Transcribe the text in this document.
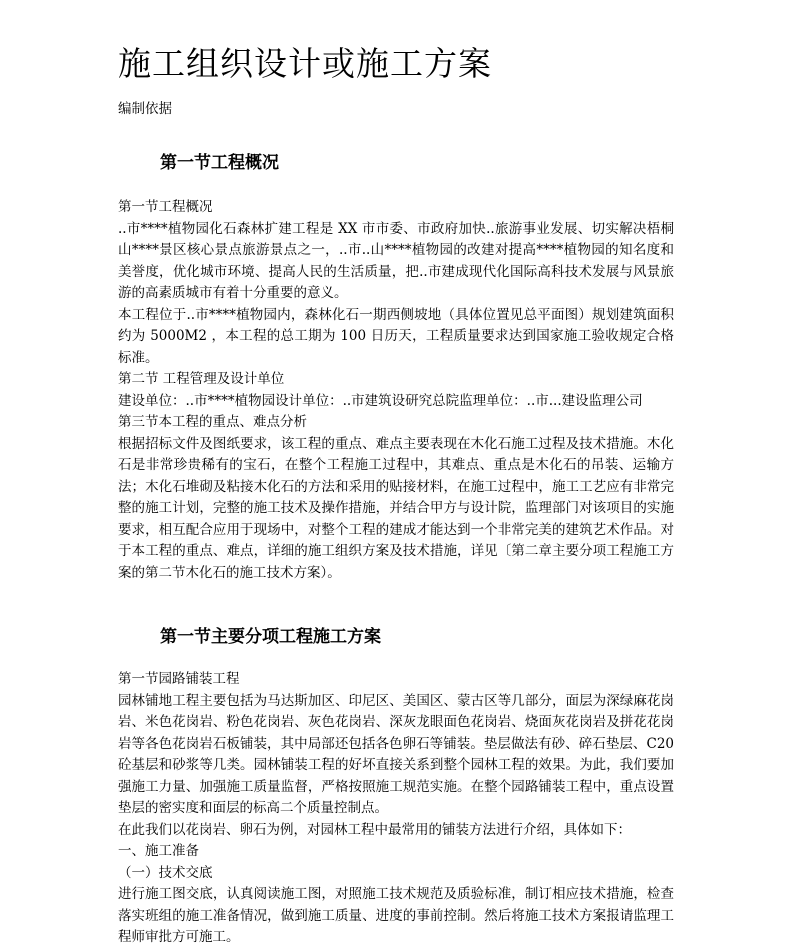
施工组织设计或施工方案
编制依据
第一节工程概况

第一节工程概况

..市****植物园化石森林扩建工程是 XX 市市委、市政府加快..旅游事业发展、切实解决梧桐山****景区核心景点旅游景点之一，..市..山****植物园的改建对提高****植物园的知名度和美誉度，优化城市环境、提高人民的生活质量，把..市建成现代化国际高科技术发展与风景旅游的高素质城市有着十分重要的意义。

本工程位于..市****植物园内，森林化石一期西侧坡地（具体位置见总平面图）规划建筑面积约为 5000M2 ，本工程的总工期为 100 日历天，工程质量要求达到国家施工验收规定合格标准。

第二节 工程管理及设计单位

建设单位：..市****植物园设计单位：..市建筑设研究总院监理单位：..市...建设监理公司

第三节本工程的重点、难点分析

根据招标文件及图纸要求，该工程的重点、难点主要表现在木化石施工过程及技术措施。木化石是非常珍贵稀有的宝石，在整个工程施工过程中，其难点、重点是木化石的吊装、运输方法；木化石堆砌及粘接木化石的方法和采用的贴接材料，在施工过程中，施工工艺应有非常完整的施工计划，完整的施工技术及操作措施，并结合甲方与设计院，监理部门对该项目的实施要求，相互配合应用于现场中，对整个工程的建成才能达到一个非常完美的建筑艺术作品。对于本工程的重点、难点，详细的施工组织方案及技术措施，详见〔第二章主要分项工程施工方案的第二节木化石的施工技术方案）。

第一节主要分项工程施工方案

第一节园路铺装工程

园林铺地工程主要包括为马达斯加区、印尼区、美国区、蒙古区等几部分，面层为深绿麻花岗岩、米色花岗岩、粉色花岗岩、灰色花岗岩、深灰龙眼面色花岗岩、烧面灰花岗岩及拼花花岗岩等各色花岗岩石板铺装，其中局部还包括各色卵石等铺装。垫层做法有砂、碎石垫层、C20 砼基层和砂浆等几类。园林铺装工程的好坏直接关系到整个园林工程的效果。为此，我们要加强施工力量、加强施工质量监督，严格按照施工规范实施。在整个园路铺装工程中，重点设置垫层的密实度和面层的标高二个质量控制点。

在此我们以花岗岩、卵石为例，对园林工程中最常用的铺装方法进行介绍，具体如下：

一、施工准备

（一）技术交底

进行施工图交底，认真阅读施工图，对照施工技术规范及质验标准，制订相应技术措施，检查落实班组的施工准备情况，做到施工质量、进度的事前控制。然后将施工技术方案报请监理工程师审批方可施工。
